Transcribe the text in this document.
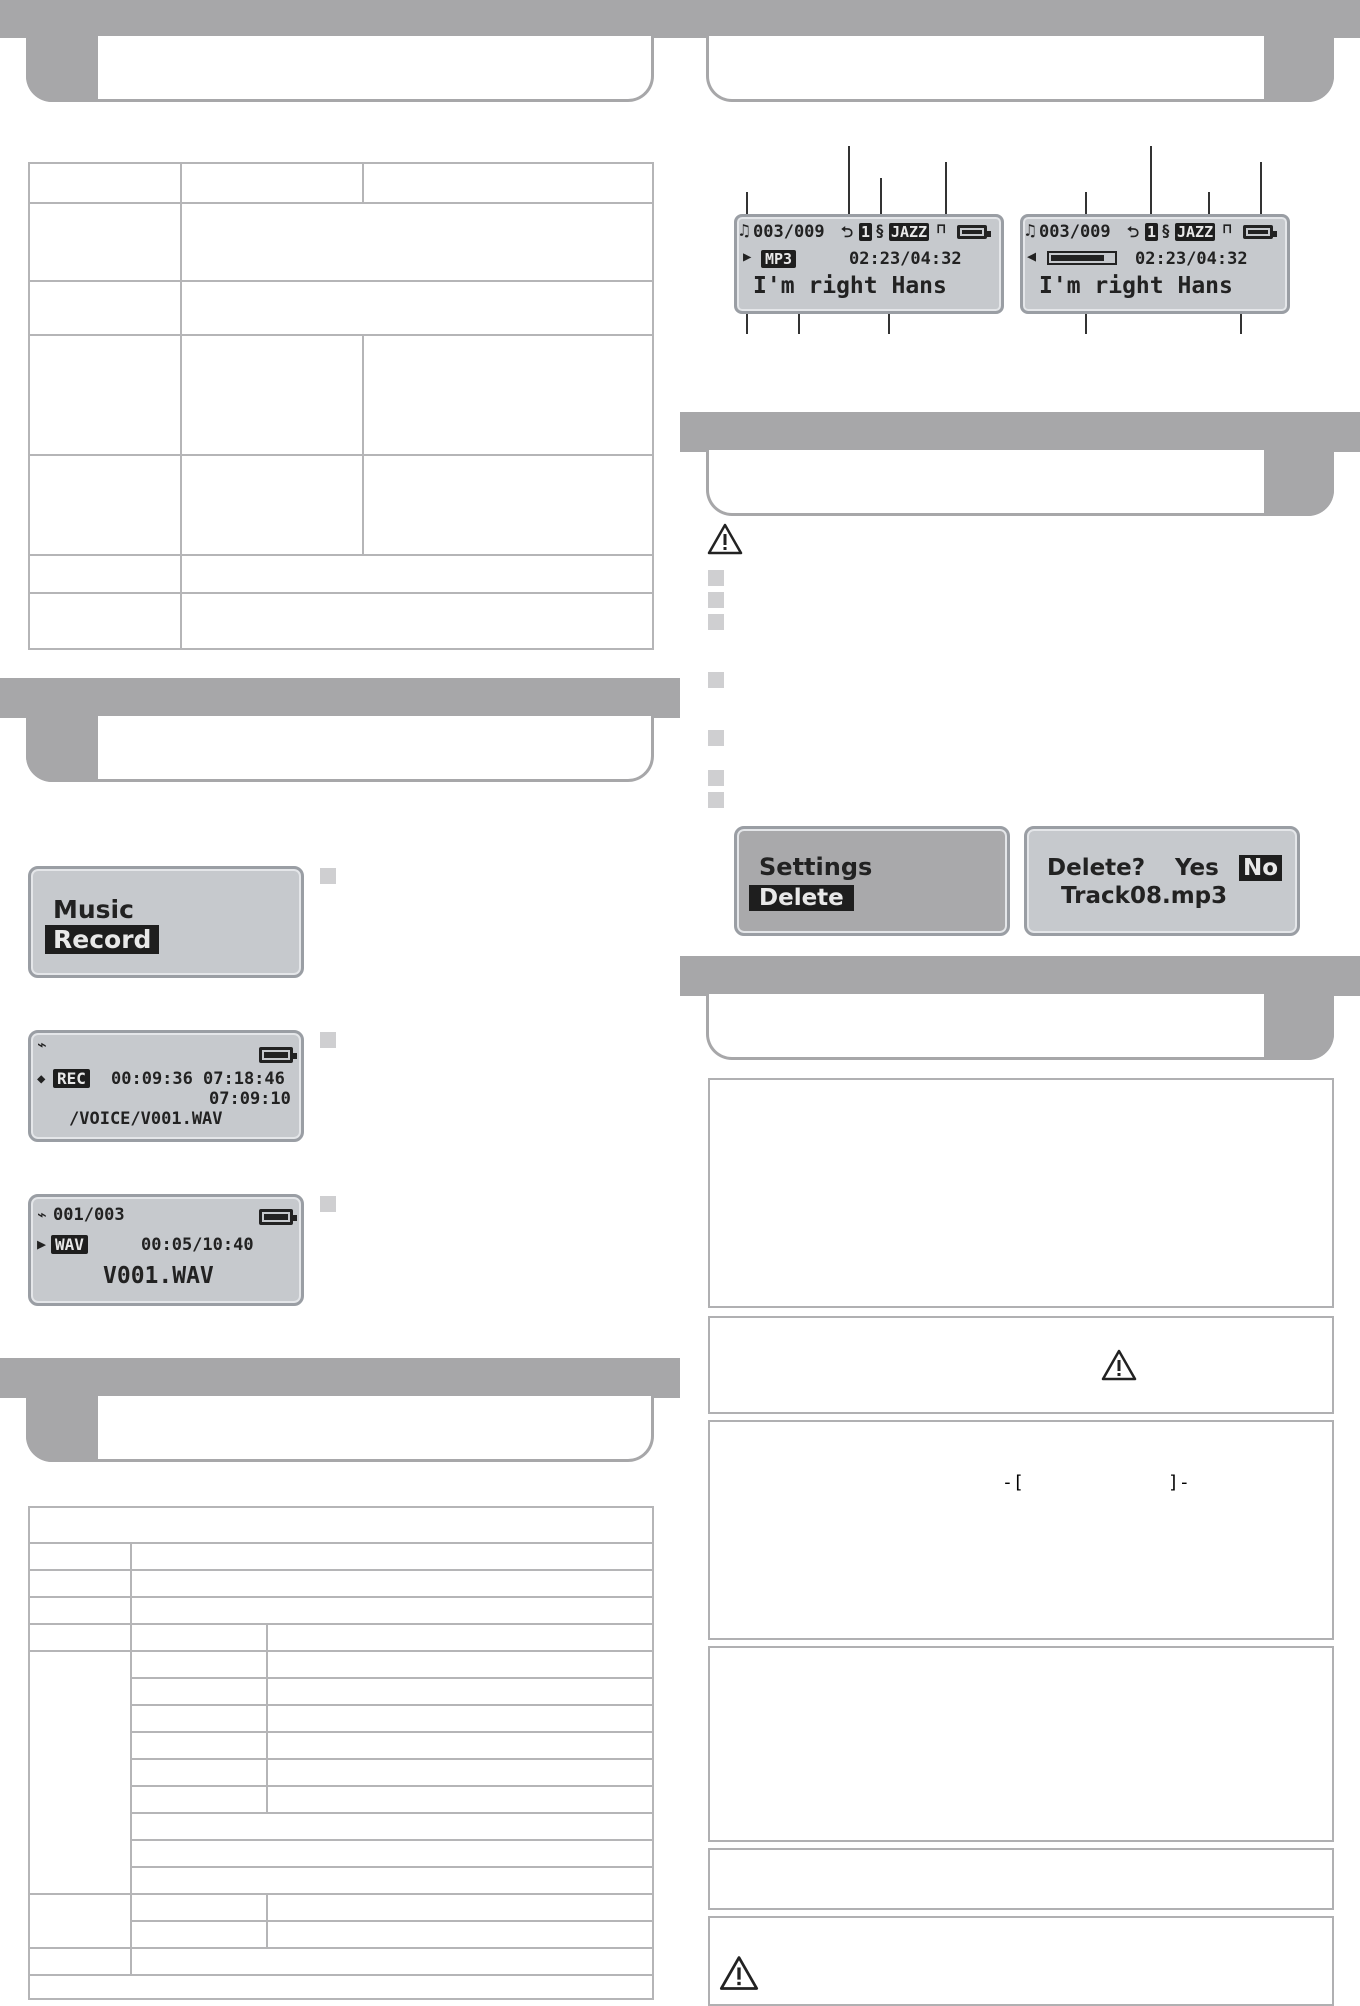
Music
Record
⌁
◆ REC 00:09:36 07:18:46
07:09:10
/VOICE/V001.WAV
⌁ 001/003
▶ WAV	00:05/10:40
V001.WAV

♫ 003/009 ⮌ 1 § JAZZ ⊓
▶ MP3	02:23/04:32
I'm right Hans
♫ 003/009 ⮌ 1 § JAZZ ⊓
◀	02:23/04:32
I'm right Hans
Settings
Delete
Delete? Yes No
Track08.mp3
-[	]-
